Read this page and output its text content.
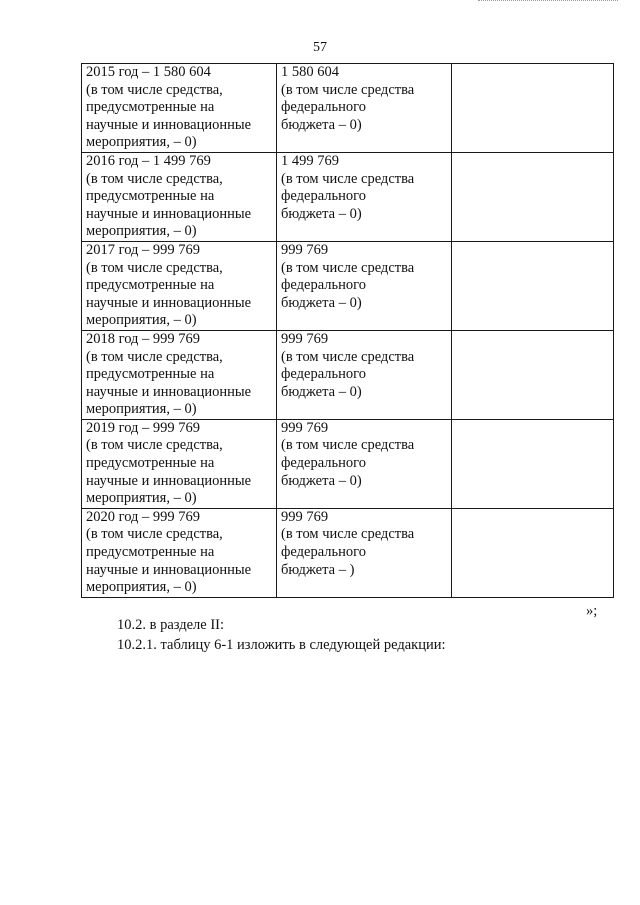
57
2015 год – 1 580 604
(в том числе средства,
предусмотренные на
научные и инновационные
мероприятия, – 0)	1 580 604
(в том числе средства
федерального
бюджета – 0)	

2016 год – 1 499 769
(в том числе средства,
предусмотренные на
научные и инновационные
мероприятия, – 0)	1 499 769
(в том числе средства
федерального
бюджета – 0)	

2017 год – 999 769
(в том числе средства,
предусмотренные на
научные и инновационные
мероприятия, – 0)	999 769
(в том числе средства
федерального
бюджета – 0)	

2018 год – 999 769
(в том числе средства,
предусмотренные на
научные и инновационные
мероприятия, – 0)	999 769
(в том числе средства
федерального
бюджета – 0)	

2019 год – 999 769
(в том числе средства,
предусмотренные на
научные и инновационные
мероприятия, – 0)	999 769
(в том числе средства
федерального
бюджета – 0)	

2020 год – 999 769
(в том числе средства,
предусмотренные на
научные и инновационные
мероприятия, – 0)	999 769
(в том числе средства
федерального
бюджета – )	

»;
10.2. в разделе II:
10.2.1. таблицу 6-1 изложить в следующей редакции:
